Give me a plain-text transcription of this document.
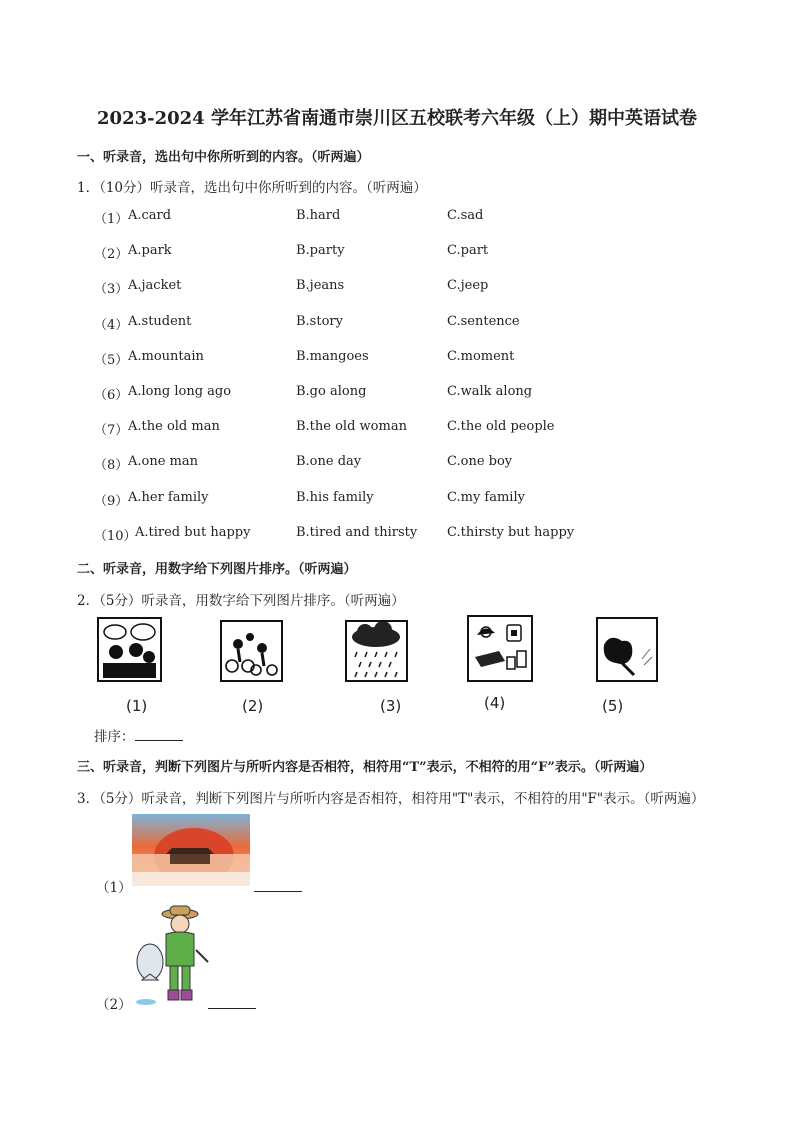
2023-2024 学年江苏省南通市崇川区五校联考六年级（上）期中英语试卷
一、听录音，选出句中你所听到的内容。（听两遍）
1．（10分）听录音，选出句中你所听到的内容。（听两遍）
（1） A.card	B.hard	C.sad
（2） A.park	B.party	C.part
（3） A.jacket	B.jeans	C.jeep
（4） A.student	B.story	C.sentence
（5） A.mountain	B.mangoes	C.moment
（6） A.long long ago	B.go along	C.walk along
（7） A.the old man	B.the old woman	C.the old people
（8） A.one man	B.one day	C.one boy
（9） A.her family	B.his family	C.my family
（10）
A.tired but happy	B.tired and thirsty C.thirsty but happy
二、听录音，用数字给下列图片排序。（听两遍）
2．（5分）听录音，用数字给下列图片排序。（听两遍）
(1)	(2)	(3)	(4)	(5)
排序：
三、听录音，判断下列图片与所听内容是否相符，相符用“T”表示，不相符的用“F”表示。（听两遍）
3．（5分）听录音，判断下列图片与所听内容是否相符，相符用"T"表示，不相符的用"F"表示。（听两遍）
（1）
（2）
